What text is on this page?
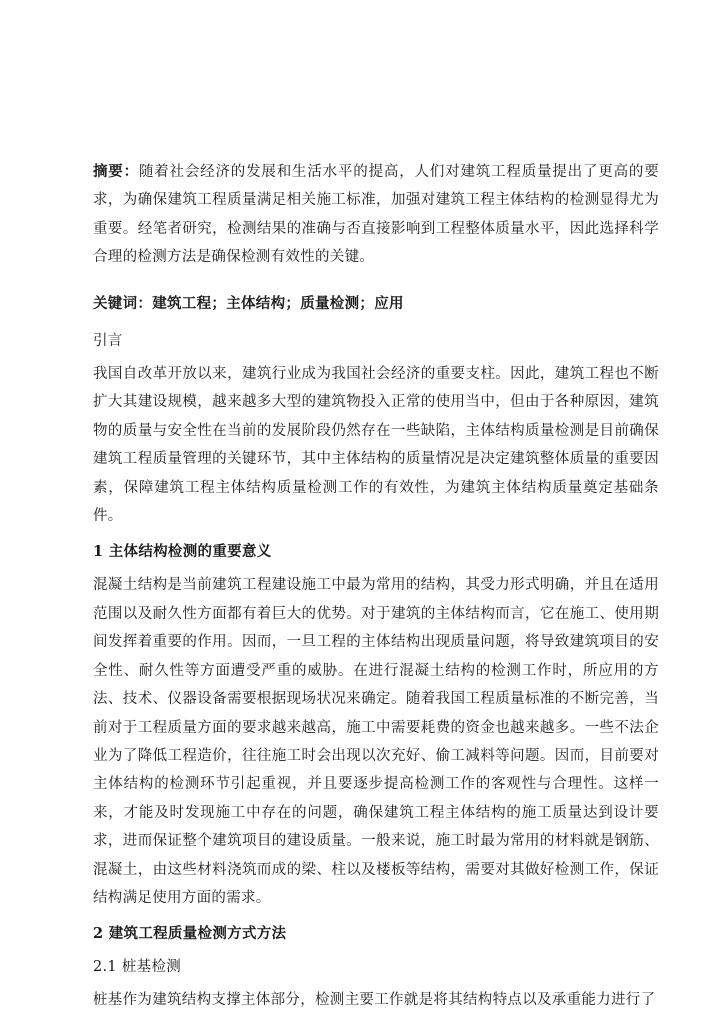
摘要：随着社会经济的发展和生活水平的提高，人们对建筑工程质量提出了更高的要求，为确保建筑工程质量满足相关施工标准，加强对建筑工程主体结构的检测显得尤为重要。经笔者研究，检测结果的准确与否直接影响到工程整体质量水平，因此选择科学合理的检测方法是确保检测有效性的关键。

关键词：建筑工程；主体结构；质量检测；应用

引言

我国自改革开放以来，建筑行业成为我国社会经济的重要支柱。因此，建筑工程也不断扩大其建设规模，越来越多大型的建筑物投入正常的使用当中，但由于各种原因，建筑物的质量与安全性在当前的发展阶段仍然存在一些缺陷，主体结构质量检测是目前确保建筑工程质量管理的关键环节，其中主体结构的质量情况是决定建筑整体质量的重要因素，保障建筑工程主体结构质量检测工作的有效性，为建筑主体结构质量奠定基础条件。

1 主体结构检测的重要意义

混凝土结构是当前建筑工程建设施工中最为常用的结构，其受力形式明确，并且在适用范围以及耐久性方面都有着巨大的优势。对于建筑的主体结构而言，它在施工、使用期间发挥着重要的作用。因而，一旦工程的主体结构出现质量问题，将导致建筑项目的安全性、耐久性等方面遭受严重的威胁。在进行混凝土结构的检测工作时，所应用的方法、技术、仪器设备需要根据现场状况来确定。随着我国工程质量标准的不断完善，当前对于工程质量方面的要求越来越高，施工中需要耗费的资金也越来越多。一些不法企业为了降低工程造价，往往施工时会出现以次充好、偷工减料等问题。因而，目前要对主体结构的检测环节引起重视，并且要逐步提高检测工作的客观性与合理性。这样一来，才能及时发现施工中存在的问题，确保建筑工程主体结构的施工质量达到设计要求，进而保证整个建筑项目的建设质量。一般来说，施工时最为常用的材料就是钢筋、混凝土，由这些材料浇筑而成的梁、柱以及楼板等结构，需要对其做好检测工作，保证结构满足使用方面的需求。

2 建筑工程质量检测方式方法

2.1 桩基检测

桩基作为建筑结构支撑主体部分，检测主要工作就是将其结构特点以及承重能力进行了
